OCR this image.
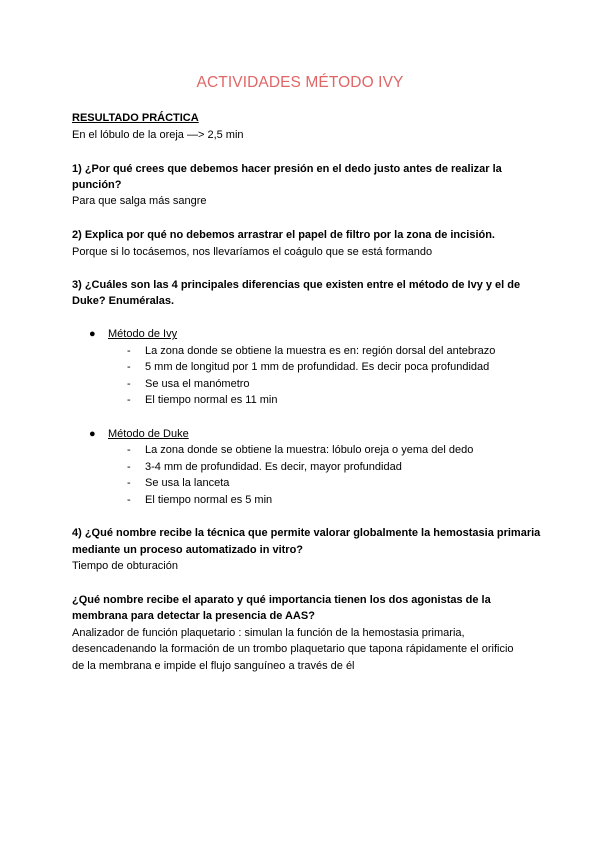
ACTIVIDADES MÉTODO IVY
RESULTADO PRÁCTICA
En el lóbulo de la oreja —> 2,5 min
1) ¿Por qué crees que debemos hacer presión en el dedo justo antes de realizar la
punción?
Para que salga más sangre
2) Explica por qué no debemos arrastrar el papel de filtro por la zona de incisión.
Porque si lo tocásemos, nos llevaríamos el coágulo que se está formando
3) ¿Cuáles son las 4 principales diferencias que existen entre el método de Ivy y el de
Duke? Enuméralas.
● Método de Ivy
- La zona donde se obtiene la muestra es en: región dorsal del antebrazo
- 5 mm de longitud por 1 mm de profundidad. Es decir poca profundidad
- Se usa el manómetro
- El tiempo normal es 11 min
● Método de Duke
- La zona donde se obtiene la muestra: lóbulo oreja o yema del dedo
- 3-4 mm de profundidad. Es decir, mayor profundidad
- Se usa la lanceta
- El tiempo normal es 5 min
4) ¿Qué nombre recibe la técnica que permite valorar globalmente la hemostasia primaria
mediante un proceso automatizado in vitro?
Tiempo de obturación
¿Qué nombre recibe el aparato y qué importancia tienen los dos agonistas de la
membrana para detectar la presencia de AAS?
Analizador de función plaquetario : simulan la función de la hemostasia primaria,
desencadenando la formación de un trombo plaquetario que tapona rápidamente el orificio
de la membrana e impide el flujo sanguíneo a través de él
